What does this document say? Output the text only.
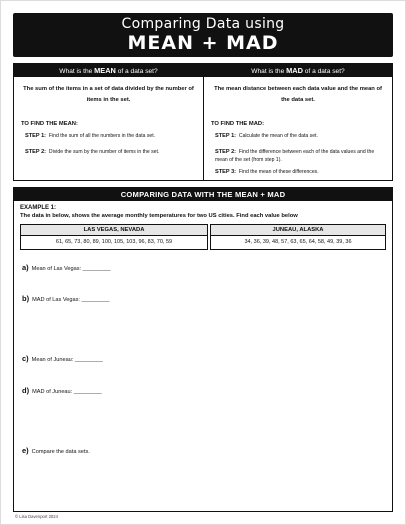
Comparing Data using
MEAN + MAD
What is the MEAN of a data set?
The sum of the items in a set of data divided by the number of items in the set.
TO FIND THE MEAN:
STEP 1: Find the sum of all the numbers in the data set.
STEP 2: Divide the sum by the number of items in the set.
What is the MAD of a data set?
The mean distance between each data value and the mean of the data set.
TO FIND THE MAD:
STEP 1: Calculate the mean of the data set.
STEP 2: Find the difference between each of the data values and the mean of the set (from step 1).
STEP 3: Find the mean of these differences.
COMPARING DATA WITH THE MEAN + MAD
EXAMPLE 1:
The data in below, shows the average monthly temperatures for two US cities. Find each value below
LAS VEGAS, NEVADA
61, 65, 73, 80, 89, 100, 105, 103, 96, 83, 70, 59
JUNEAU, ALASKA
34, 36, 39, 48, 57, 63, 65, 64, 58, 49, 39, 36
a) Mean of Las Vegas: _________
b) MAD of Las Vegas: _________
c) Mean of Juneau: _________
d) MAD of Juneau: _________
e) Compare the data sets.
© Lisa Davenport 2024
